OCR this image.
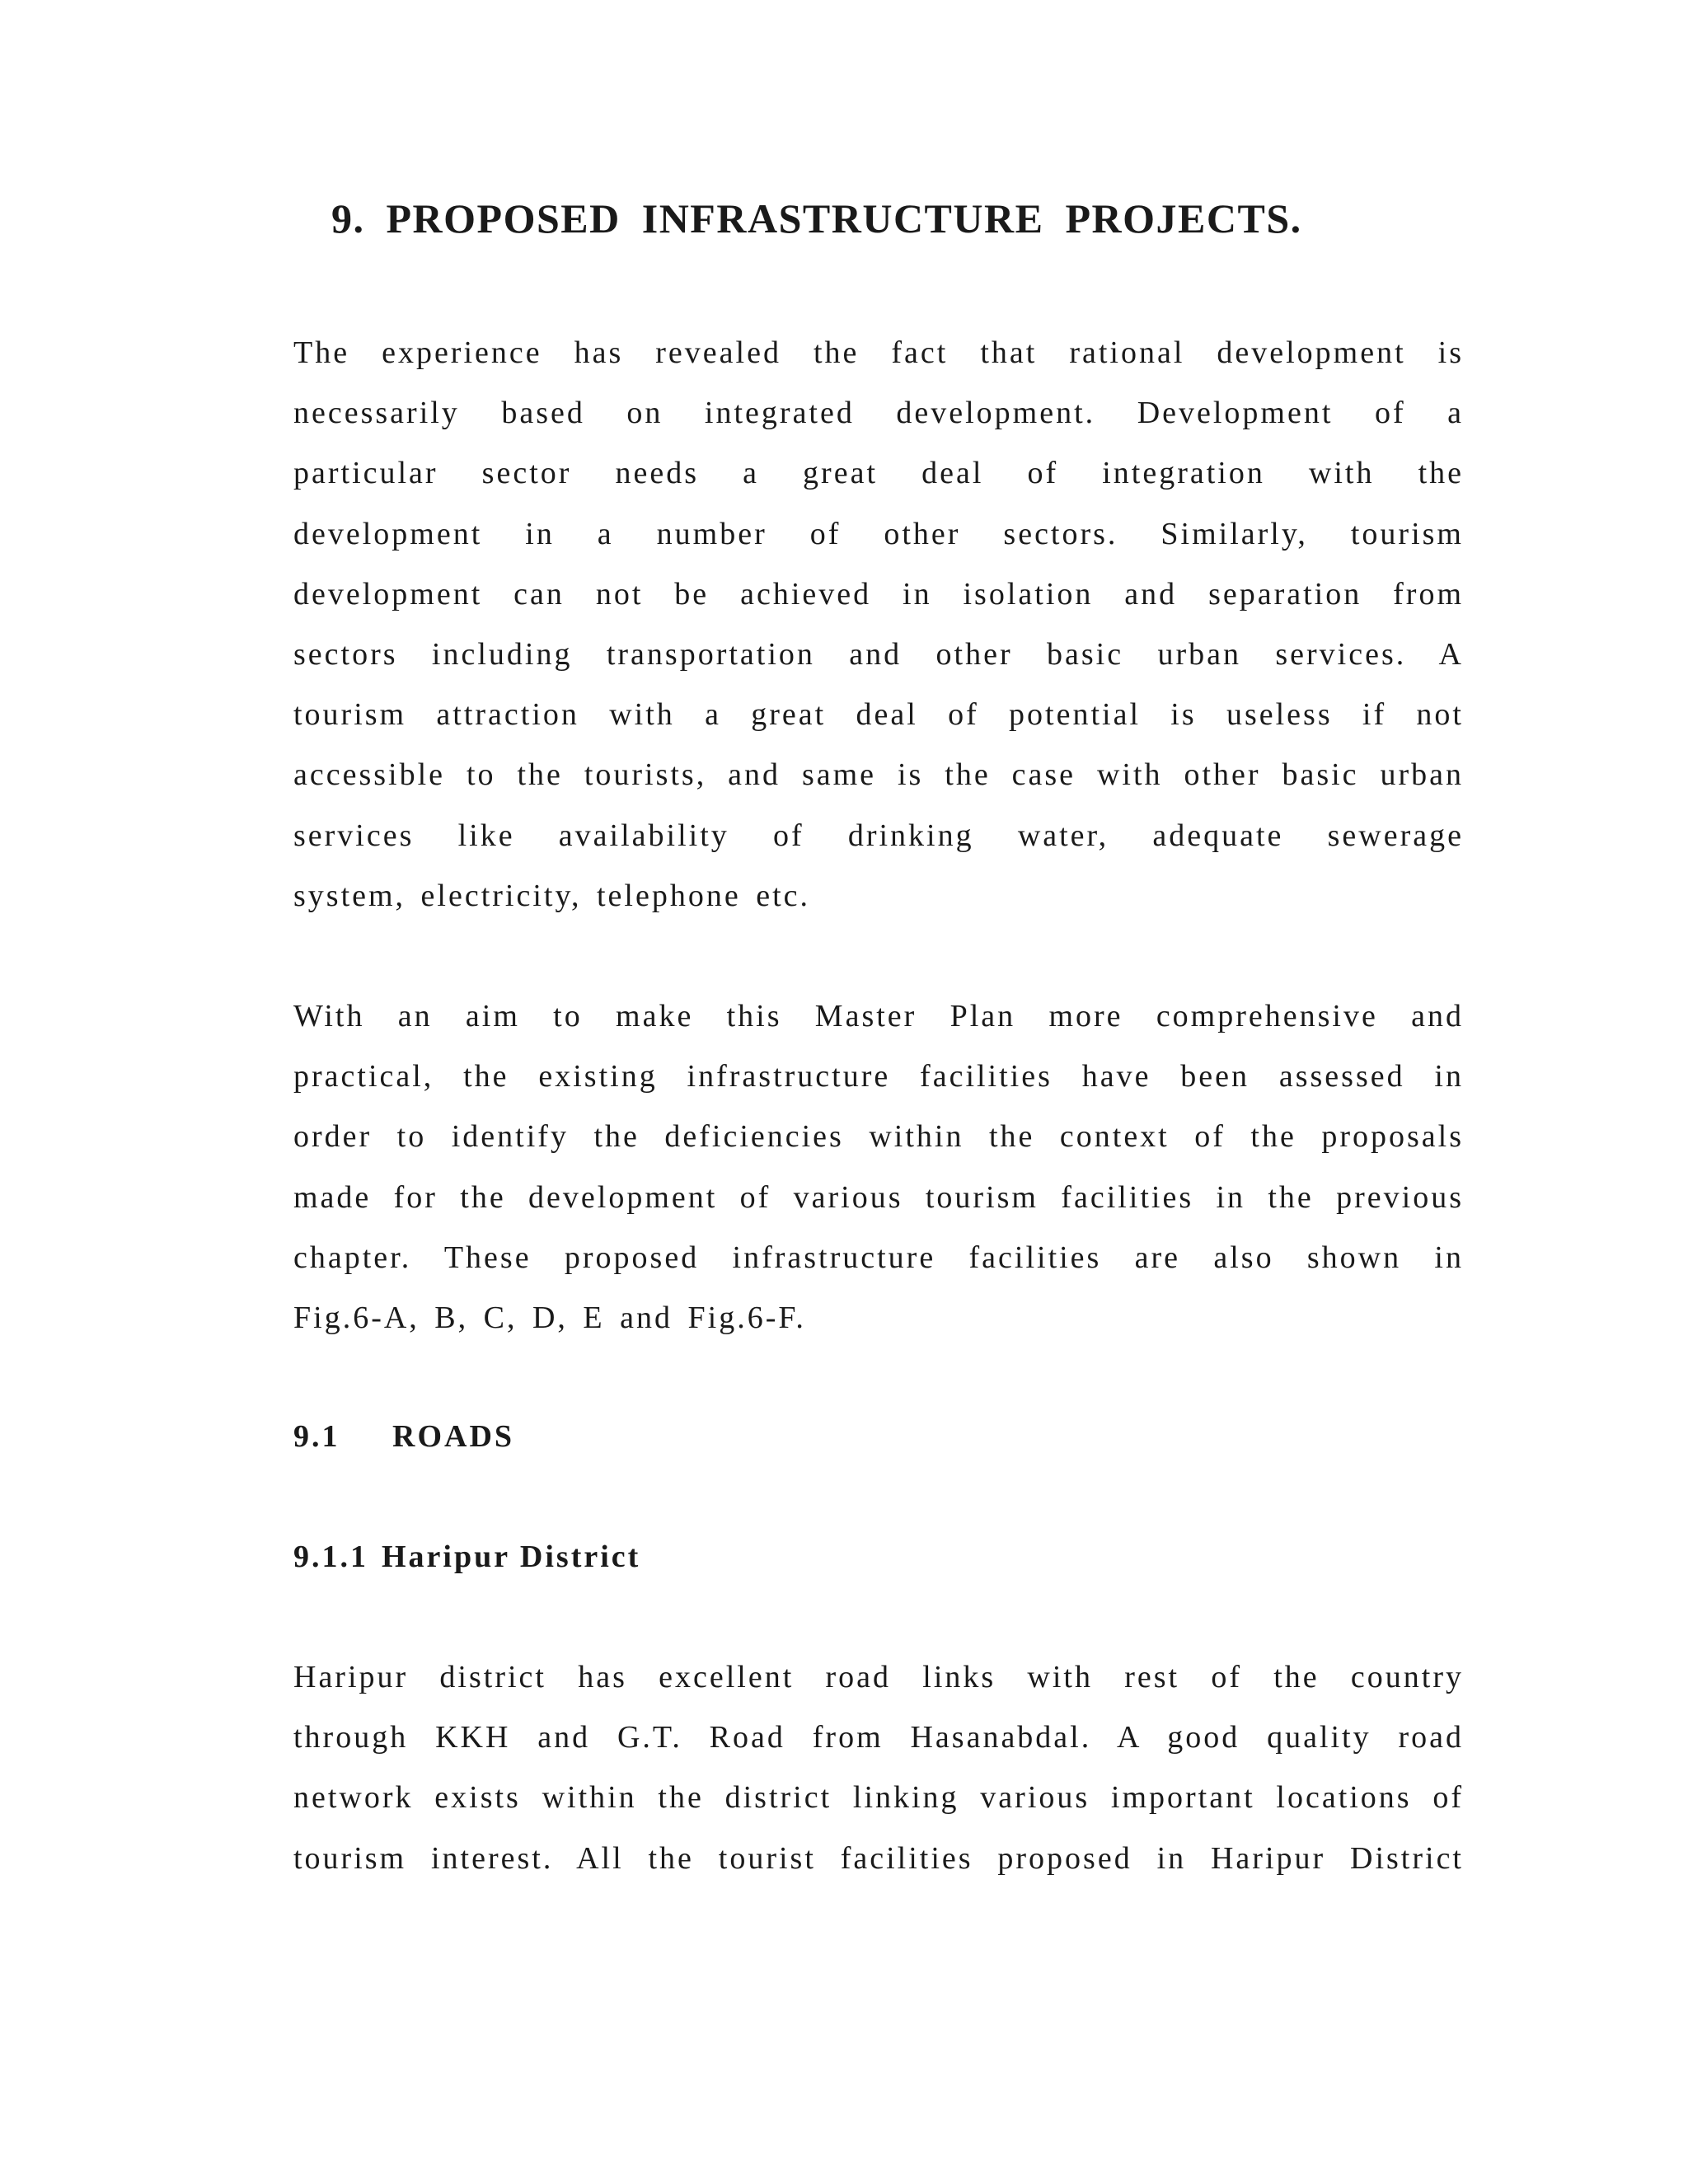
9. PROPOSED INFRASTRUCTURE PROJECTS.
The experience has revealed the fact that rational development is
necessarily based on integrated development. Development of a
particular sector needs a great deal of integration with the
development in a number of other sectors. Similarly, tourism
development can not be achieved in isolation and separation from
sectors including transportation and other basic urban services. A
tourism attraction with a great deal of potential is useless if not
accessible to the tourists, and same is the case with other basic urban
services like availability of drinking water, adequate sewerage
system, electricity, telephone etc.
With an aim to make this Master Plan more comprehensive and
practical, the existing infrastructure facilities have been assessed in
order to identify the deficiencies within the context of the proposals
made for the development of various tourism facilities in the previous
chapter. These proposed infrastructure facilities are also shown in
Fig.6-A, B, C, D, E and Fig.6-F.
9.1 ROADS
9.1.1 Haripur District
Haripur district has excellent road links with rest of the country
through KKH and G.T. Road from Hasanabdal. A good quality road
network exists within the district linking various important locations of
tourism interest. All the tourist facilities proposed in Haripur District
